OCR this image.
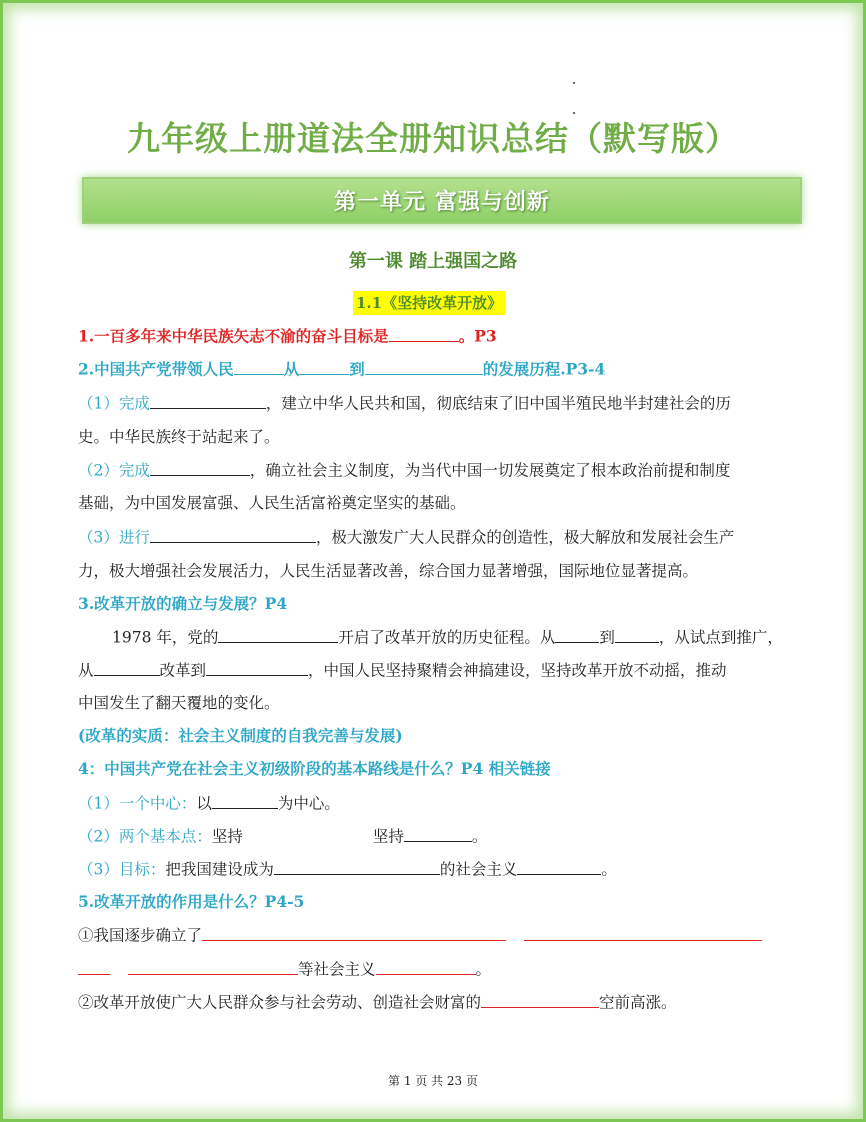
九年级上册道法全册知识总结（默写版）
第一单元 富强与创新
第一课 踏上强国之路
1.1《坚持改革开放》
1.一百多年来中华民族矢志不渝的奋斗目标是	。P3
2.中国共产党带领人民	从	到	的发展历程.P3-4
（1）完成	，建立中华人民共和国，彻底结束了旧中国半殖民地半封建社会的历
史。中华民族终于站起来了。
（2）完成	，确立社会主义制度，为当代中国一切发展奠定了根本政治前提和制度
基础，为中国发展富强、人民生活富裕奠定坚实的基础。
（3）进行	，极大激发广大人民群众的创造性，极大解放和发展社会生产
力，极大增强社会发展活力，人民生活显著改善，综合国力显著增强，国际地位显著提高。
3.改革开放的确立与发展？P4
1978 年，党的	开启了改革开放的历史征程。从	到	，从试点到推广，
从	改革到	，中国人民坚持聚精会神搞建设，坚持改革开放不动摇，推动
中国发生了翻天覆地的变化。
(改革的实质：社会主义制度的自我完善与发展)
4：中国共产党在社会主义初级阶段的基本路线是什么？P4 相关链接
（1）一个中心：以	为中心。
（2）两个基本点：坚持	坚持	。
（3）目标：把我国建设成为	的社会主义	。
5.改革开放的作用是什么？P4-5
①我国逐步确立了
等社会主义	。
②改革开放使广大人民群众参与社会劳动、创造社会财富的	空前高涨。
第 1 页 共 23 页
